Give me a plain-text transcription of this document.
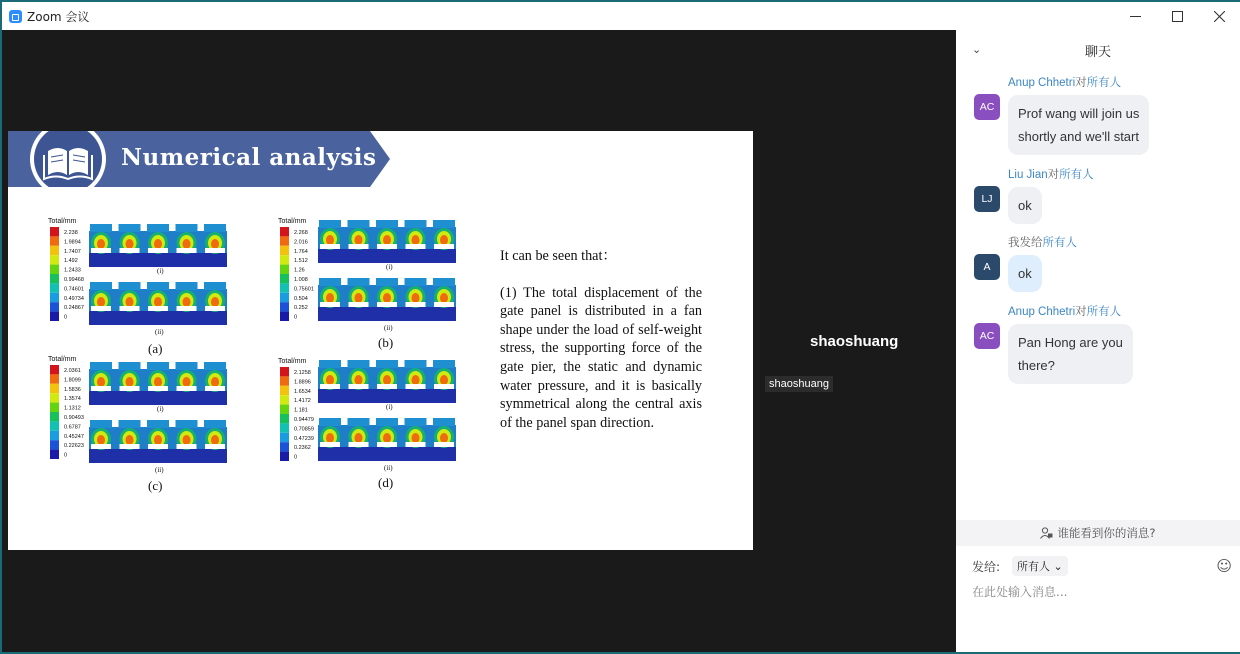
Zoom 会议
Numerical analysis
Total/mm
2.238
1.9894
1.7407
1.492
1.2433
0.99468
0.74601
0.49734
0.24867
0
(i)
(ii)
Total/mm
2.268
2.016
1.764
1.512
1.26
1.008
0.75601
0.504
0.252
0
(i)
(ii)
Total/mm
2.0361
1.8099
1.5836
1.3574
1.1312
0.90493
0.6787
0.45247
0.22623
0
(i)
(ii)
Total/mm
2.1258
1.8896
1.6534
1.4172
1.181
0.94479
0.70859
0.47239
0.2362
0
(i)
(ii)
(a)	(b)
(c)	(d)

It can be seen that：

(1) The total displacement of the gate panel is distributed in a fan shape under the load of self-weight stress, the supporting force of the gate pier, the static and dynamic water pressure, and it is basically symmetrical along the central axis of the panel span direction.

shaoshuang
shaoshuang
⌄	聊天
Anup Chhetri对所有人
AC	Prof wang will join us
shortly and we'll start
Liu Jian对所有人
LJ	ok
我发给所有人
A	ok
Anup Chhetri对所有人
AC	Pan Hong are you
there?
谁能看到你的消息?
发给:	所有人 ⌄	☺
在此处输入消息...
